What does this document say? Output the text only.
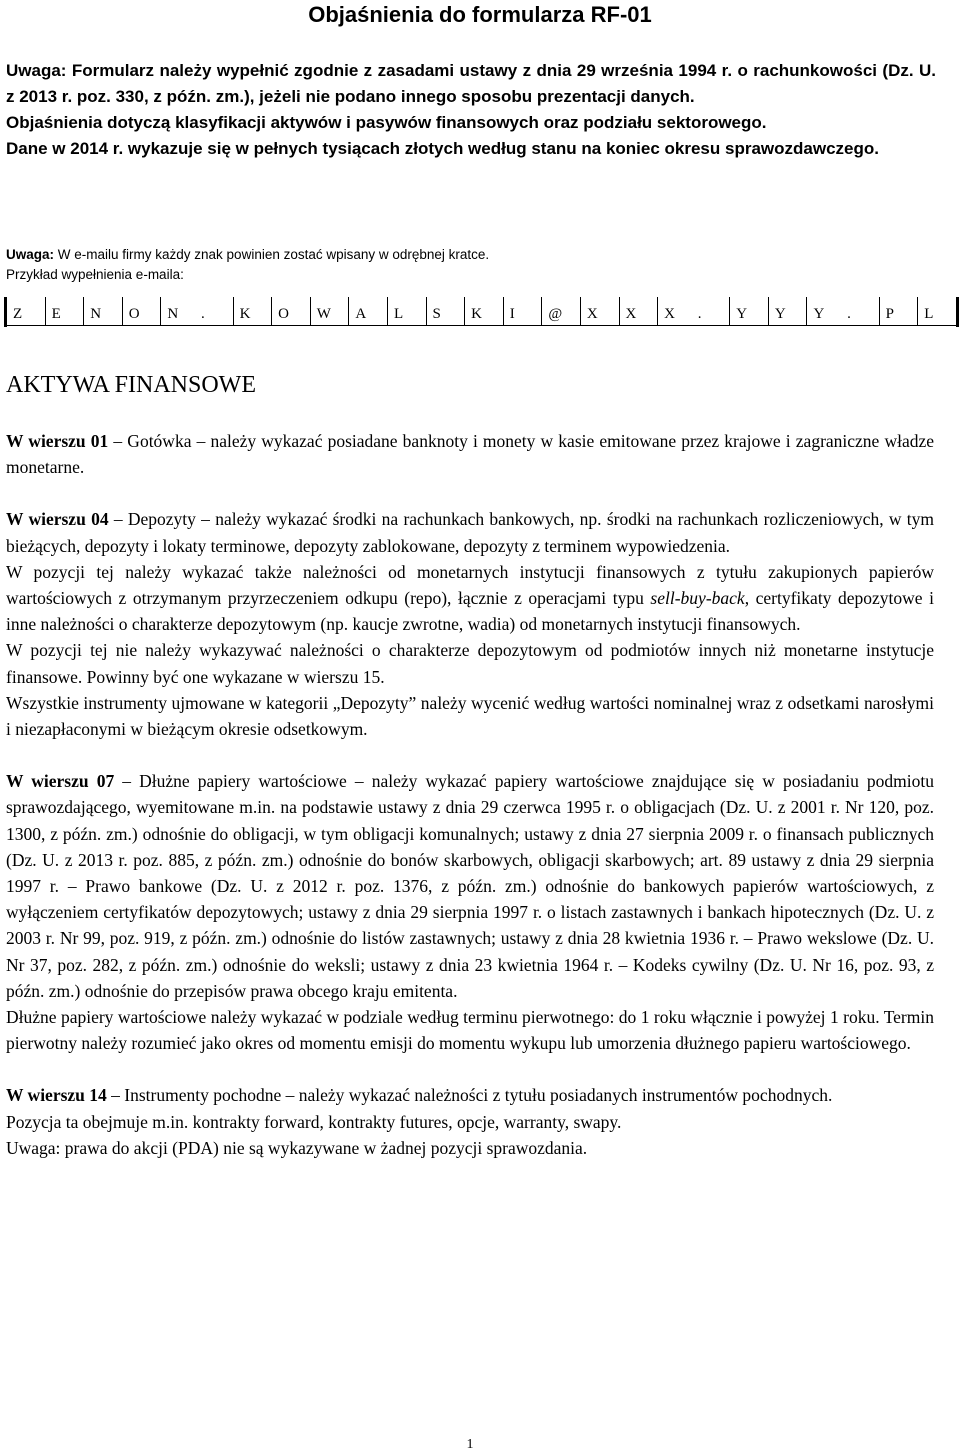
Objaśnienia do formularza RF-01

Uwaga: Formularz należy wypełnić zgodnie z zasadami ustawy z dnia 29 września 1994 r. o rachunkowości (Dz. U. z 2013 r. poz. 330, z późn. zm.), jeżeli nie podano innego sposobu prezentacji danych.

Objaśnienia dotyczą klasyfikacji aktywów i pasywów finansowych oraz podziału sektorowego.

Dane w 2014 r. wykazuje się w pełnych tysiącach złotych według stanu na koniec okresu sprawozdawczego.

Uwaga: W e-mailu firmy każdy znak powinien zostać wpisany w odrębnej kratce.
Przykład wypełnienia e-maila:
Z	E	N	O	N	.	K	O	W	A	L	S	K	I	@	X	X	X	.	Y	Y	Y	.	P	L
AKTYWA FINANSOWE

W wierszu 01 – Gotówka – należy wykazać posiadane banknoty i monety w kasie emitowane przez krajowe i zagraniczne władze monetarne.

W wierszu 04 – Depozyty – należy wykazać środki na rachunkach bankowych, np. środki na rachunkach rozliczeniowych, w tym bieżących, depozyty i lokaty terminowe, depozyty zablokowane, depozyty z terminem wypowiedzenia.

W pozycji tej należy wykazać także należności od monetarnych instytucji finansowych z tytułu zakupionych papierów wartościowych z otrzymanym przyrzeczeniem odkupu (repo), łącznie z operacjami typu sell-buy-back, certyfikaty depozytowe i inne należności o charakterze depozytowym (np. kaucje zwrotne, wadia) od monetarnych instytucji finansowych.

W pozycji tej nie należy wykazywać należności o charakterze depozytowym od podmiotów innych niż monetarne instytucje finansowe. Powinny być one wykazane w wierszu 15.

Wszystkie instrumenty ujmowane w kategorii „Depozyty” należy wycenić według wartości nominalnej wraz z odsetkami narosłymi i niezapłaconymi w bieżącym okresie odsetkowym.

W wierszu 07 – Dłużne papiery wartościowe – należy wykazać papiery wartościowe znajdujące się w posiadaniu podmiotu sprawozdającego, wyemitowane m.in. na podstawie ustawy z dnia 29 czerwca 1995 r. o obligacjach (Dz. U. z 2001 r. Nr 120, poz. 1300, z późn. zm.) odnośnie do obligacji, w tym obligacji komunalnych; ustawy z dnia 27 sierpnia 2009 r. o finansach publicznych (Dz. U. z 2013 r. poz. 885, z późn. zm.) odnośnie do bonów skarbowych, obligacji skarbowych; art. 89 ustawy z dnia 29 sierpnia 1997 r. – Prawo bankowe (Dz. U. z 2012 r. poz. 1376, z późn. zm.) odnośnie do bankowych papierów wartościowych, z wyłączeniem certyfikatów depozytowych; ustawy z dnia 29 sierpnia 1997 r. o listach zastawnych i bankach hipotecznych (Dz. U. z 2003 r. Nr 99, poz. 919, z późn. zm.) odnośnie do listów zastawnych; ustawy z dnia 28 kwietnia 1936 r. – Prawo wekslowe (Dz. U. Nr 37, poz. 282, z późn. zm.) odnośnie do weksli; ustawy z dnia 23 kwietnia 1964 r. – Kodeks cywilny (Dz. U. Nr 16, poz. 93, z późn. zm.) odnośnie do przepisów prawa obcego kraju emitenta.

Dłużne papiery wartościowe należy wykazać w podziale według terminu pierwotnego: do 1 roku włącznie i powyżej 1 roku. Termin pierwotny należy rozumieć jako okres od momentu emisji do momentu wykupu lub umorzenia dłużnego papieru wartościowego.

W wierszu 14 – Instrumenty pochodne – należy wykazać należności z tytułu posiadanych instrumentów pochodnych.

Pozycja ta obejmuje m.in. kontrakty forward, kontrakty futures, opcje, warranty, swapy.

Uwaga: prawa do akcji (PDA) nie są wykazywane w żadnej pozycji sprawozdania.

1
